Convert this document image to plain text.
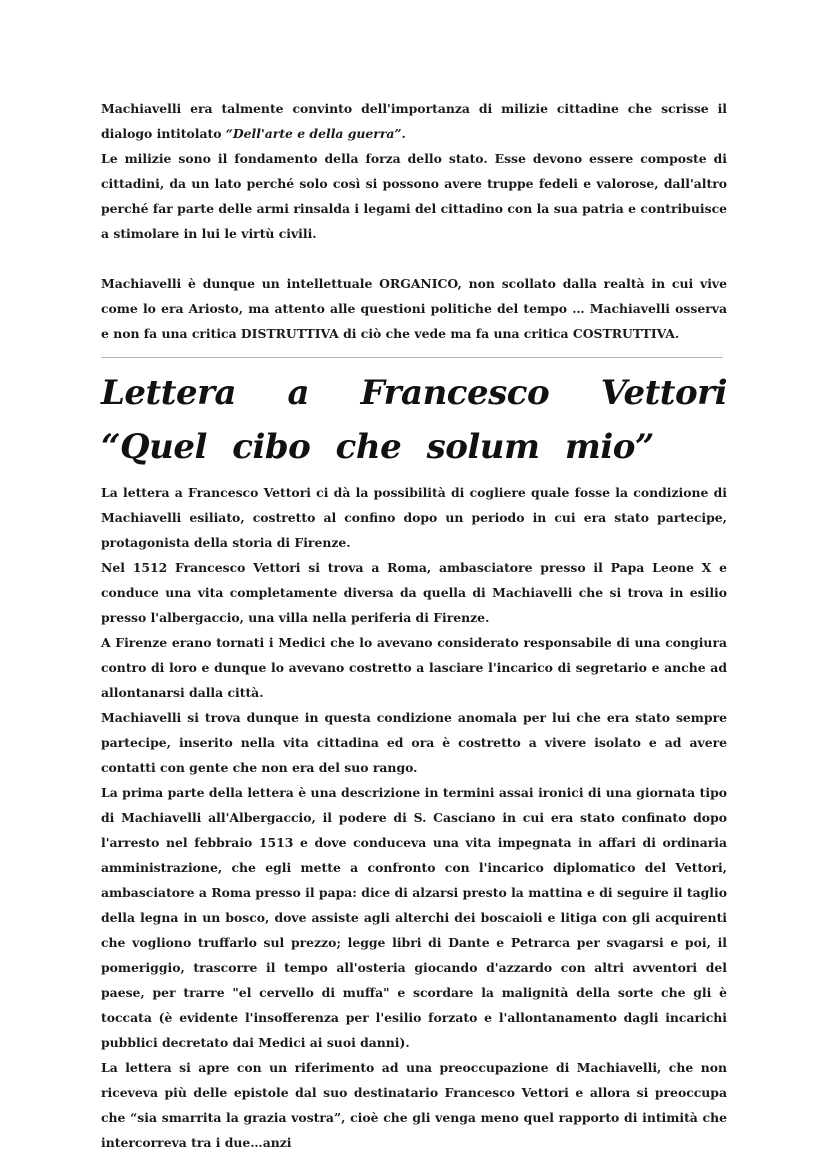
Machiavelli era talmente convinto dell'importanza di milizie cittadine che scrisse il dialogo intitolato “Dell'arte e della guerra”.

Le milizie sono il fondamento della forza dello stato. Esse devono essere composte di cittadini, da un lato perché solo così si possono avere truppe fedeli e valorose, dall'altro perché far parte delle armi rinsalda i legami del cittadino con la sua patria e contribuisce a stimolare in lui le virtù civili.

Machiavelli è dunque un intellettuale ORGANICO, non scollato dalla realtà in cui vive come lo era Ariosto, ma attento alle questioni politiche del tempo … Machiavelli osserva e non fa una critica DISTRUTTIVA di ciò che vede ma fa una critica COSTRUTTIVA.

Lettera a Francesco Vettori “Quel cibo che solum mio”

La lettera a Francesco Vettori ci dà la possibilità di cogliere quale fosse la condizione di Machiavelli esiliato, costretto al confino dopo un periodo in cui era stato partecipe, protagonista della storia di Firenze.

Nel 1512 Francesco Vettori si trova a Roma, ambasciatore presso il Papa Leone X e conduce una vita completamente diversa da quella di Machiavelli che si trova in esilio presso l'albergaccio, una villa nella periferia di Firenze.

A Firenze erano tornati i Medici che lo avevano considerato responsabile di una congiura contro di loro e dunque lo avevano costretto a lasciare l'incarico di segretario e anche ad allontanarsi dalla città.

Machiavelli si trova dunque in questa condizione anomala per lui che era stato sempre partecipe, inserito nella vita cittadina ed ora è costretto a vivere isolato e ad avere contatti con gente che non era del suo rango.

La prima parte della lettera è una descrizione in termini assai ironici di una giornata tipo di Machiavelli all'Albergaccio, il podere di S. Casciano in cui era stato confinato dopo l'arresto nel febbraio 1513 e dove conduceva una vita impegnata in affari di ordinaria amministrazione, che egli mette a confronto con l'incarico diplomatico del Vettori, ambasciatore a Roma presso il papa: dice di alzarsi presto la mattina e di seguire il taglio della legna in un bosco, dove assiste agli alterchi dei boscaioli e litiga con gli acquirenti che vogliono truffarlo sul prezzo; legge libri di Dante e Petrarca per svagarsi e poi, il pomeriggio, trascorre il tempo all'osteria giocando d'azzardo con altri avventori del paese, per trarre "el cervello di muffa" e scordare la malignità della sorte che gli è toccata (è evidente l'insofferenza per l'esilio forzato e l'allontanamento dagli incarichi pubblici decretato dai Medici ai suoi danni).

La lettera si apre con un riferimento ad una preoccupazione di Machiavelli, che non riceveva più delle epistole dal suo destinatario Francesco Vettori e allora si preoccupa che “sia smarrita la grazia vostra”, cioè che gli venga meno quel rapporto di intimità che intercorreva tra i due…anzi
